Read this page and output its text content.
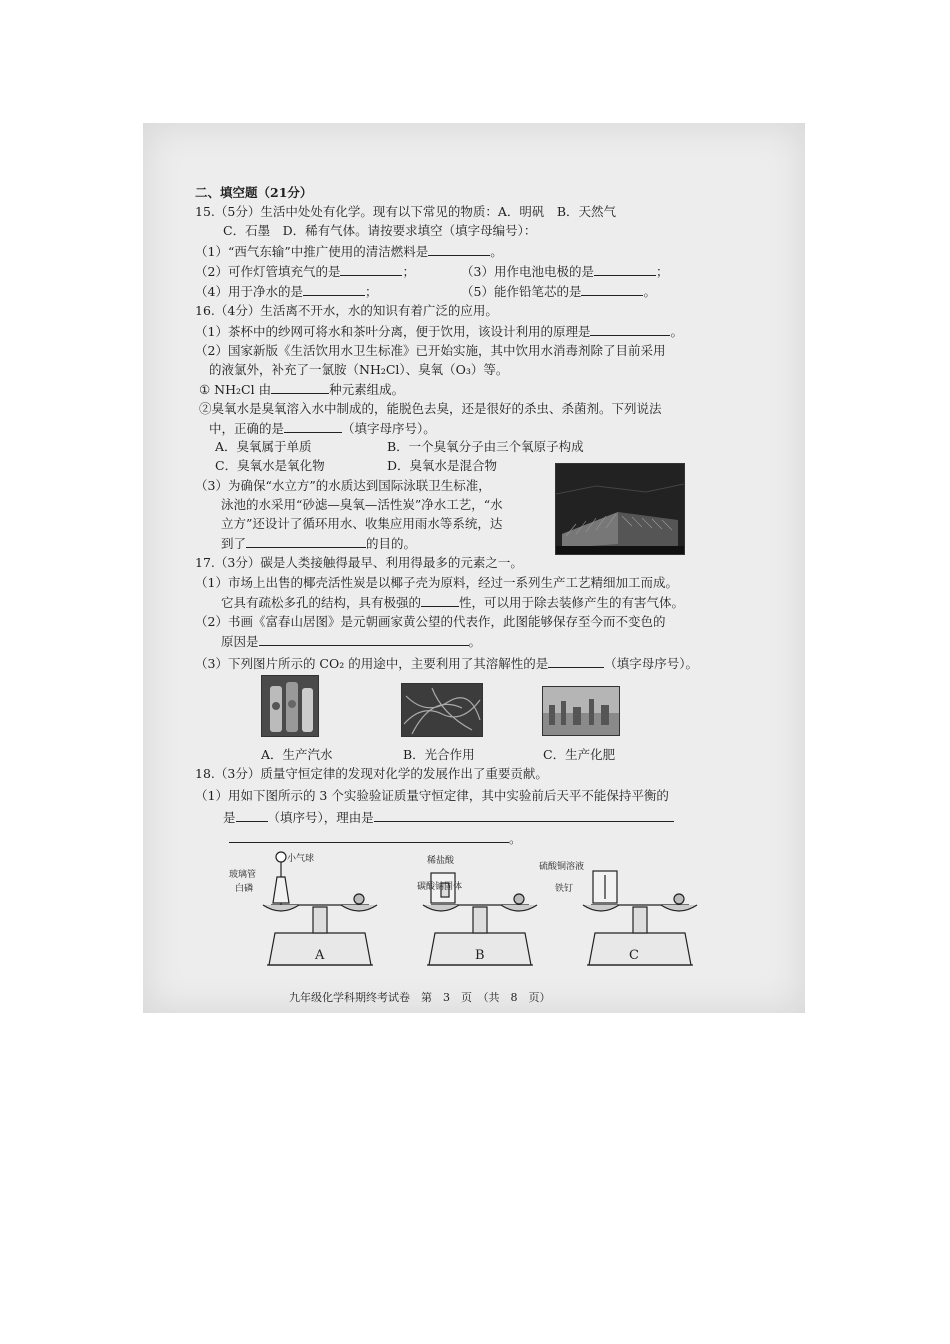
二、填空题（21分）
15.（5分）生活中处处有化学。现有以下常见的物质：A．明矾　B．天然气
C．石墨　D．稀有气体。请按要求填空（填字母编号）：
（1）“西气东输”中推广使用的清洁燃料是	。
（2）可作灯管填充气的是	；	（3）用作电池电极的是	；
（4）用于净水的是	；	（5）能作铅笔芯的是	。
16.（4分）生活离不开水，水的知识有着广泛的应用。
（1）茶杯中的纱网可将水和茶叶分离，便于饮用，该设计利用的原理是	。
（2）国家新版《生活饮用水卫生标准》已开始实施，其中饮用水消毒剂除了目前采用
的液氯外，补充了一氯胺（NH₂Cl）、臭氧（O₃）等。
① NH₂Cl 由	种元素组成。
②臭氧水是臭氧溶入水中制成的，能脱色去臭，还是很好的杀虫、杀菌剂。下列说法
中，正确的是	（填字母序号）。
A．臭氧属于单质	B．一个臭氧分子由三个氧原子构成
C．臭氧水是氧化物	D．臭氧水是混合物
（3）为确保“水立方”的水质达到国际泳联卫生标准，
泳池的水采用“砂滤—臭氧—活性炭”净水工艺，“水
立方”还设计了循环用水、收集应用雨水等系统，达
到了	的目的。
17.（3分）碳是人类接触得最早、利用得最多的元素之一。
（1）市场上出售的椰壳活性炭是以椰子壳为原料，经过一系列生产工艺精细加工而成。
它具有疏松多孔的结构，具有极强的	性，可以用于除去装修产生的有害气体。
（2）书画《富春山居图》是元朝画家黄公望的代表作，此图能够保存至今而不变色的
原因是	。
（3）下列图片所示的 CO₂ 的用途中，主要利用了其溶解性的是	（填字母序号）。
A．生产汽水	B．光合作用	C．生产化肥
18.（3分）质量守恒定律的发现对化学的发展作出了重要贡献。
（1）用如下图所示的 3 个实验验证质量守恒定律，其中实验前后天平不能保持平衡的
是	（填序号），理由是
。
小气球
玻璃管
白磷
A
稀盐酸
碳酸钠固体
B
硫酸铜溶液
铁钉
C
九年级化学科期终考试卷　第　3　页　（共　8　页）
